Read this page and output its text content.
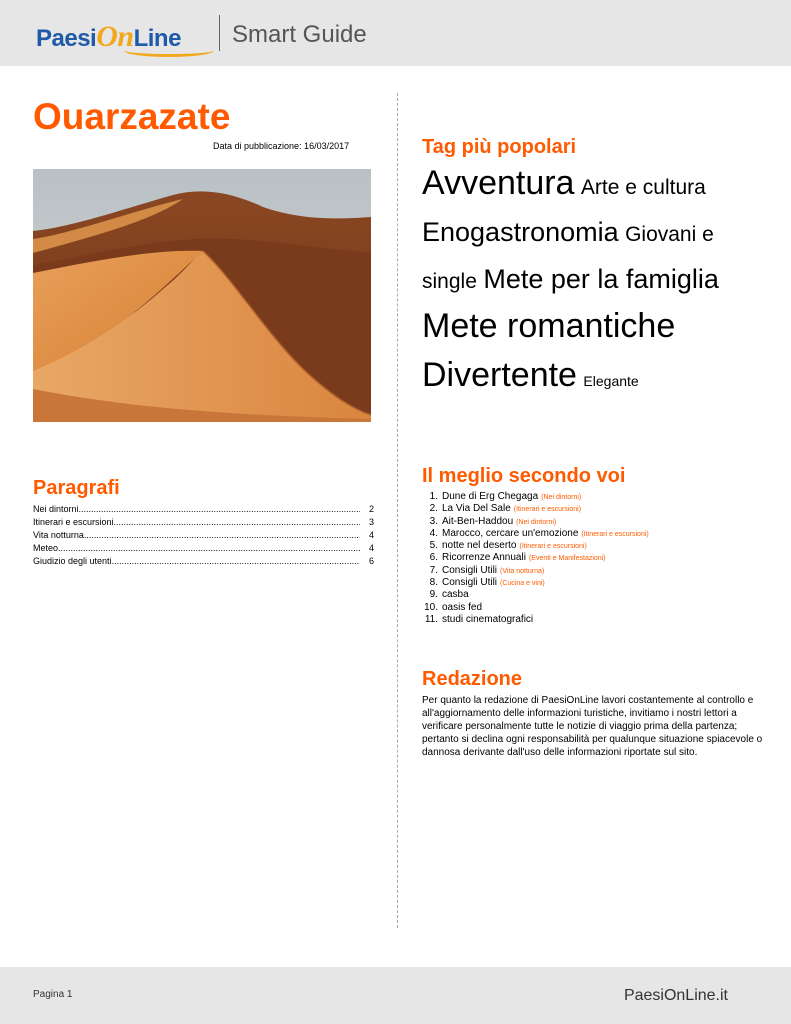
PaesiOnLine Smart Guide
Ouarzazate
Data di pubblicazione: 16/03/2017
Paragrafi
Nei dintorni .....	2
Itinerari e escursioni .....	3
Vita notturna .....	4
Meteo .....	4
Giudizio degli utenti .....	6
Tag più popolari
Avventura Arte e cultura Enogastronomia Giovani e single Mete per la famiglia Mete romantiche Divertente Elegante
Il meglio secondo voi
1. Dune di Erg Chegaga (Nei dintorni)
2. La Via Del Sale (Itinerari e escursioni)
3. Ait-Ben-Haddou (Nei dintorni)
4. Marocco, cercare un'emozione (Itinerari e escursioni)
5. notte nel deserto (Itinerari e escursioni)
6. Ricorrenze Annuali (Eventi e Manifestazioni)
7. Consigli Utili (Vita notturna)
8. Consigli Utili (Cucina e vini)
9. casba
10. oasis fed
11. studi cinematografici
Redazione
Per quanto la redazione di PaesiOnLine lavori costantemente al controllo e all'aggiornamento delle informazioni turistiche, invitiamo i nostri lettori a verificare personalmente tutte le notizie di viaggio prima della partenza; pertanto si declina ogni responsabilità per qualunque situazione spiacevole o dannosa derivante dall'uso delle informazioni riportate sul sito.
Pagina 1	PaesiOnLine.it
